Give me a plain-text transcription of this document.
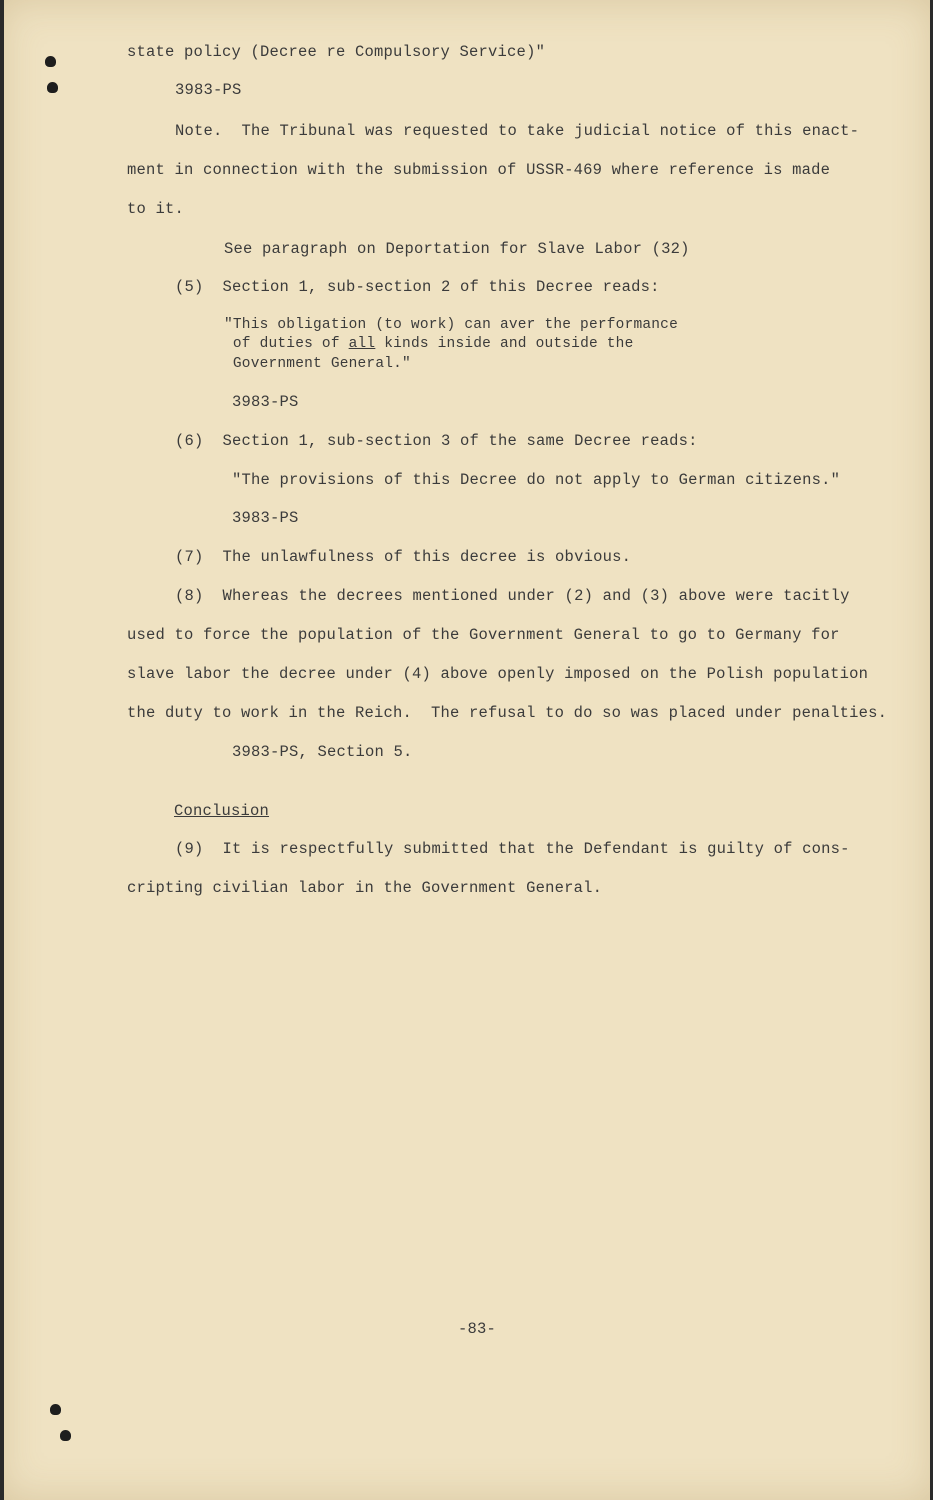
state policy (Decree re Compulsory Service)"
3983-PS
Note.  The Tribunal was requested to take judicial notice of this enact-
ment in connection with the submission of USSR-469 where reference is made
to it.
See paragraph on Deportation for Slave Labor (32)
(5)  Section 1, sub-section 2 of this Decree reads:
"This obligation (to work) can aver the performance
of duties of all kinds inside and outside the
Government General."
3983-PS
(6)  Section 1, sub-section 3 of the same Decree reads:
"The provisions of this Decree do not apply to German citizens."
3983-PS
(7)  The unlawfulness of this decree is obvious.
(8)  Whereas the decrees mentioned under (2) and (3) above were tacitly
used to force the population of the Government General to go to Germany for
slave labor the decree under (4) above openly imposed on the Polish population
the duty to work in the Reich.  The refusal to do so was placed under penalties.
3983-PS, Section 5.
Conclusion
(9)  It is respectfully submitted that the Defendant is guilty of cons-
cripting civilian labor in the Government General.
-83-
